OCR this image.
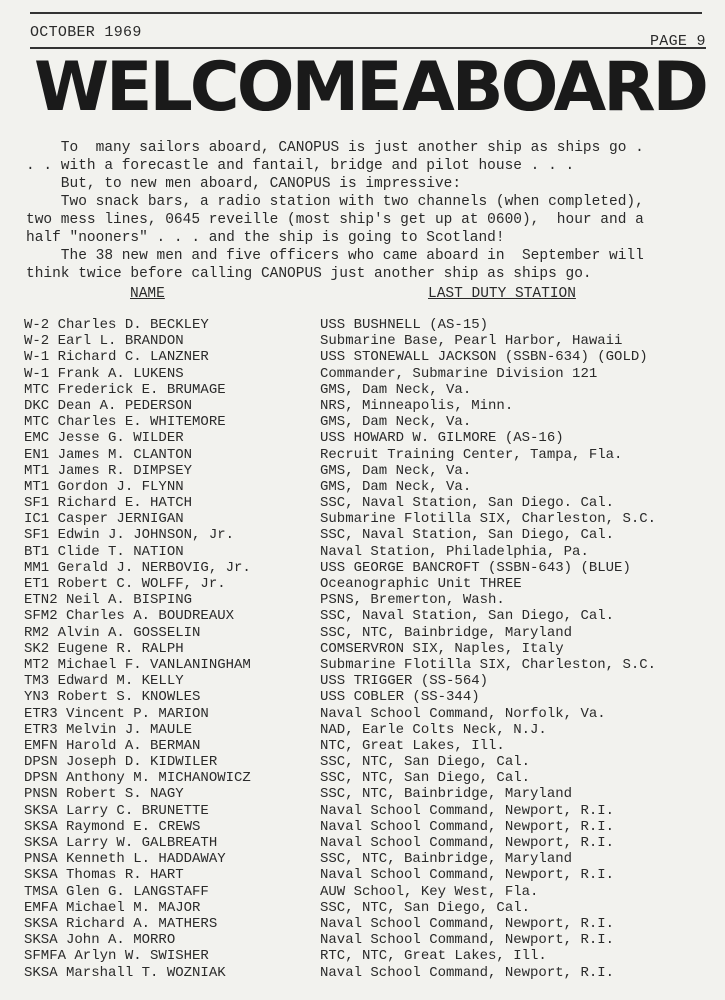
OCTOBER 1969
PAGE 9
WELCOME ABOARD
To  many sailors aboard, CANOPUS is just another ship as ships go .
. . with a forecastle and fantail, bridge and pilot house . . .
But, to new men aboard, CANOPUS is impressive:
Two snack bars, a radio station with two channels (when completed),
two mess lines, 0645 reveille (most ship's get up at 0600),  hour and a
half "nooners" . . . and the ship is going to Scotland!
The 38 new men and five officers who came aboard in  September will
think twice before calling CANOPUS just another ship as ships go.
NAME	LAST DUTY STATION
W-2 Charles D. BECKLEY	USS BUSHNELL (AS-15)
W-2 Earl L. BRANDON	Submarine Base, Pearl Harbor, Hawaii
W-1 Richard C. LANZNER	USS STONEWALL JACKSON (SSBN-634) (GOLD)
W-1 Frank A. LUKENS	Commander, Submarine Division 121
MTC Frederick E. BRUMAGE	GMS, Dam Neck, Va.
DKC Dean A. PEDERSON	NRS, Minneapolis, Minn.
MTC Charles E. WHITEMORE	GMS, Dam Neck, Va.
EMC Jesse G. WILDER	USS HOWARD W. GILMORE (AS-16)
EN1 James M. CLANTON	Recruit Training Center, Tampa, Fla.
MT1 James R. DIMPSEY	GMS, Dam Neck, Va.
MT1 Gordon J. FLYNN	GMS, Dam Neck, Va.
SF1 Richard E. HATCH	SSC, Naval Station, San Diego. Cal.
IC1 Casper JERNIGAN	Submarine Flotilla SIX, Charleston, S.C.
SF1 Edwin J. JOHNSON, Jr.	SSC, Naval Station, San Diego, Cal.
BT1 Clide T. NATION	Naval Station, Philadelphia, Pa.
MM1 Gerald J. NERBOVIG, Jr.	USS GEORGE BANCROFT (SSBN-643) (BLUE)
ET1 Robert C. WOLFF, Jr.	Oceanographic Unit THREE
ETN2 Neil A. BISPING	PSNS, Bremerton, Wash.
SFM2 Charles A. BOUDREAUX	SSC, Naval Station, San Diego, Cal.
RM2 Alvin A. GOSSELIN	SSC, NTC, Bainbridge, Maryland
SK2 Eugene R. RALPH	COMSERVRON SIX, Naples, Italy
MT2 Michael F. VANLANINGHAM	Submarine Flotilla SIX, Charleston, S.C.
TM3 Edward M. KELLY	USS TRIGGER (SS-564)
YN3 Robert S. KNOWLES	USS COBLER (SS-344)
ETR3 Vincent P. MARION	Naval School Command, Norfolk, Va.
ETR3 Melvin J. MAULE	NAD, Earle Colts Neck, N.J.
EMFN Harold A. BERMAN	NTC, Great Lakes, Ill.
DPSN Joseph D. KIDWILER	SSC, NTC, San Diego, Cal.
DPSN Anthony M. MICHANOWICZ	SSC, NTC, San Diego, Cal.
PNSN Robert S. NAGY	SSC, NTC, Bainbridge, Maryland
SKSA Larry C. BRUNETTE	Naval School Command, Newport, R.I.
SKSA Raymond E. CREWS	Naval School Command, Newport, R.I.
SKSA Larry W. GALBREATH	Naval School Command, Newport, R.I.
PNSA Kenneth L. HADDAWAY	SSC, NTC, Bainbridge, Maryland
SKSA Thomas R. HART	Naval School Command, Newport, R.I.
TMSA Glen G. LANGSTAFF	AUW School, Key West, Fla.
EMFA Michael M. MAJOR	SSC, NTC, San Diego, Cal.
SKSA Richard A. MATHERS	Naval School Command, Newport, R.I.
SKSA John A. MORRO	Naval School Command, Newport, R.I.
SFMFA Arlyn W. SWISHER	RTC, NTC, Great Lakes, Ill.
SKSA Marshall T. WOZNIAK	Naval School Command, Newport, R.I.
